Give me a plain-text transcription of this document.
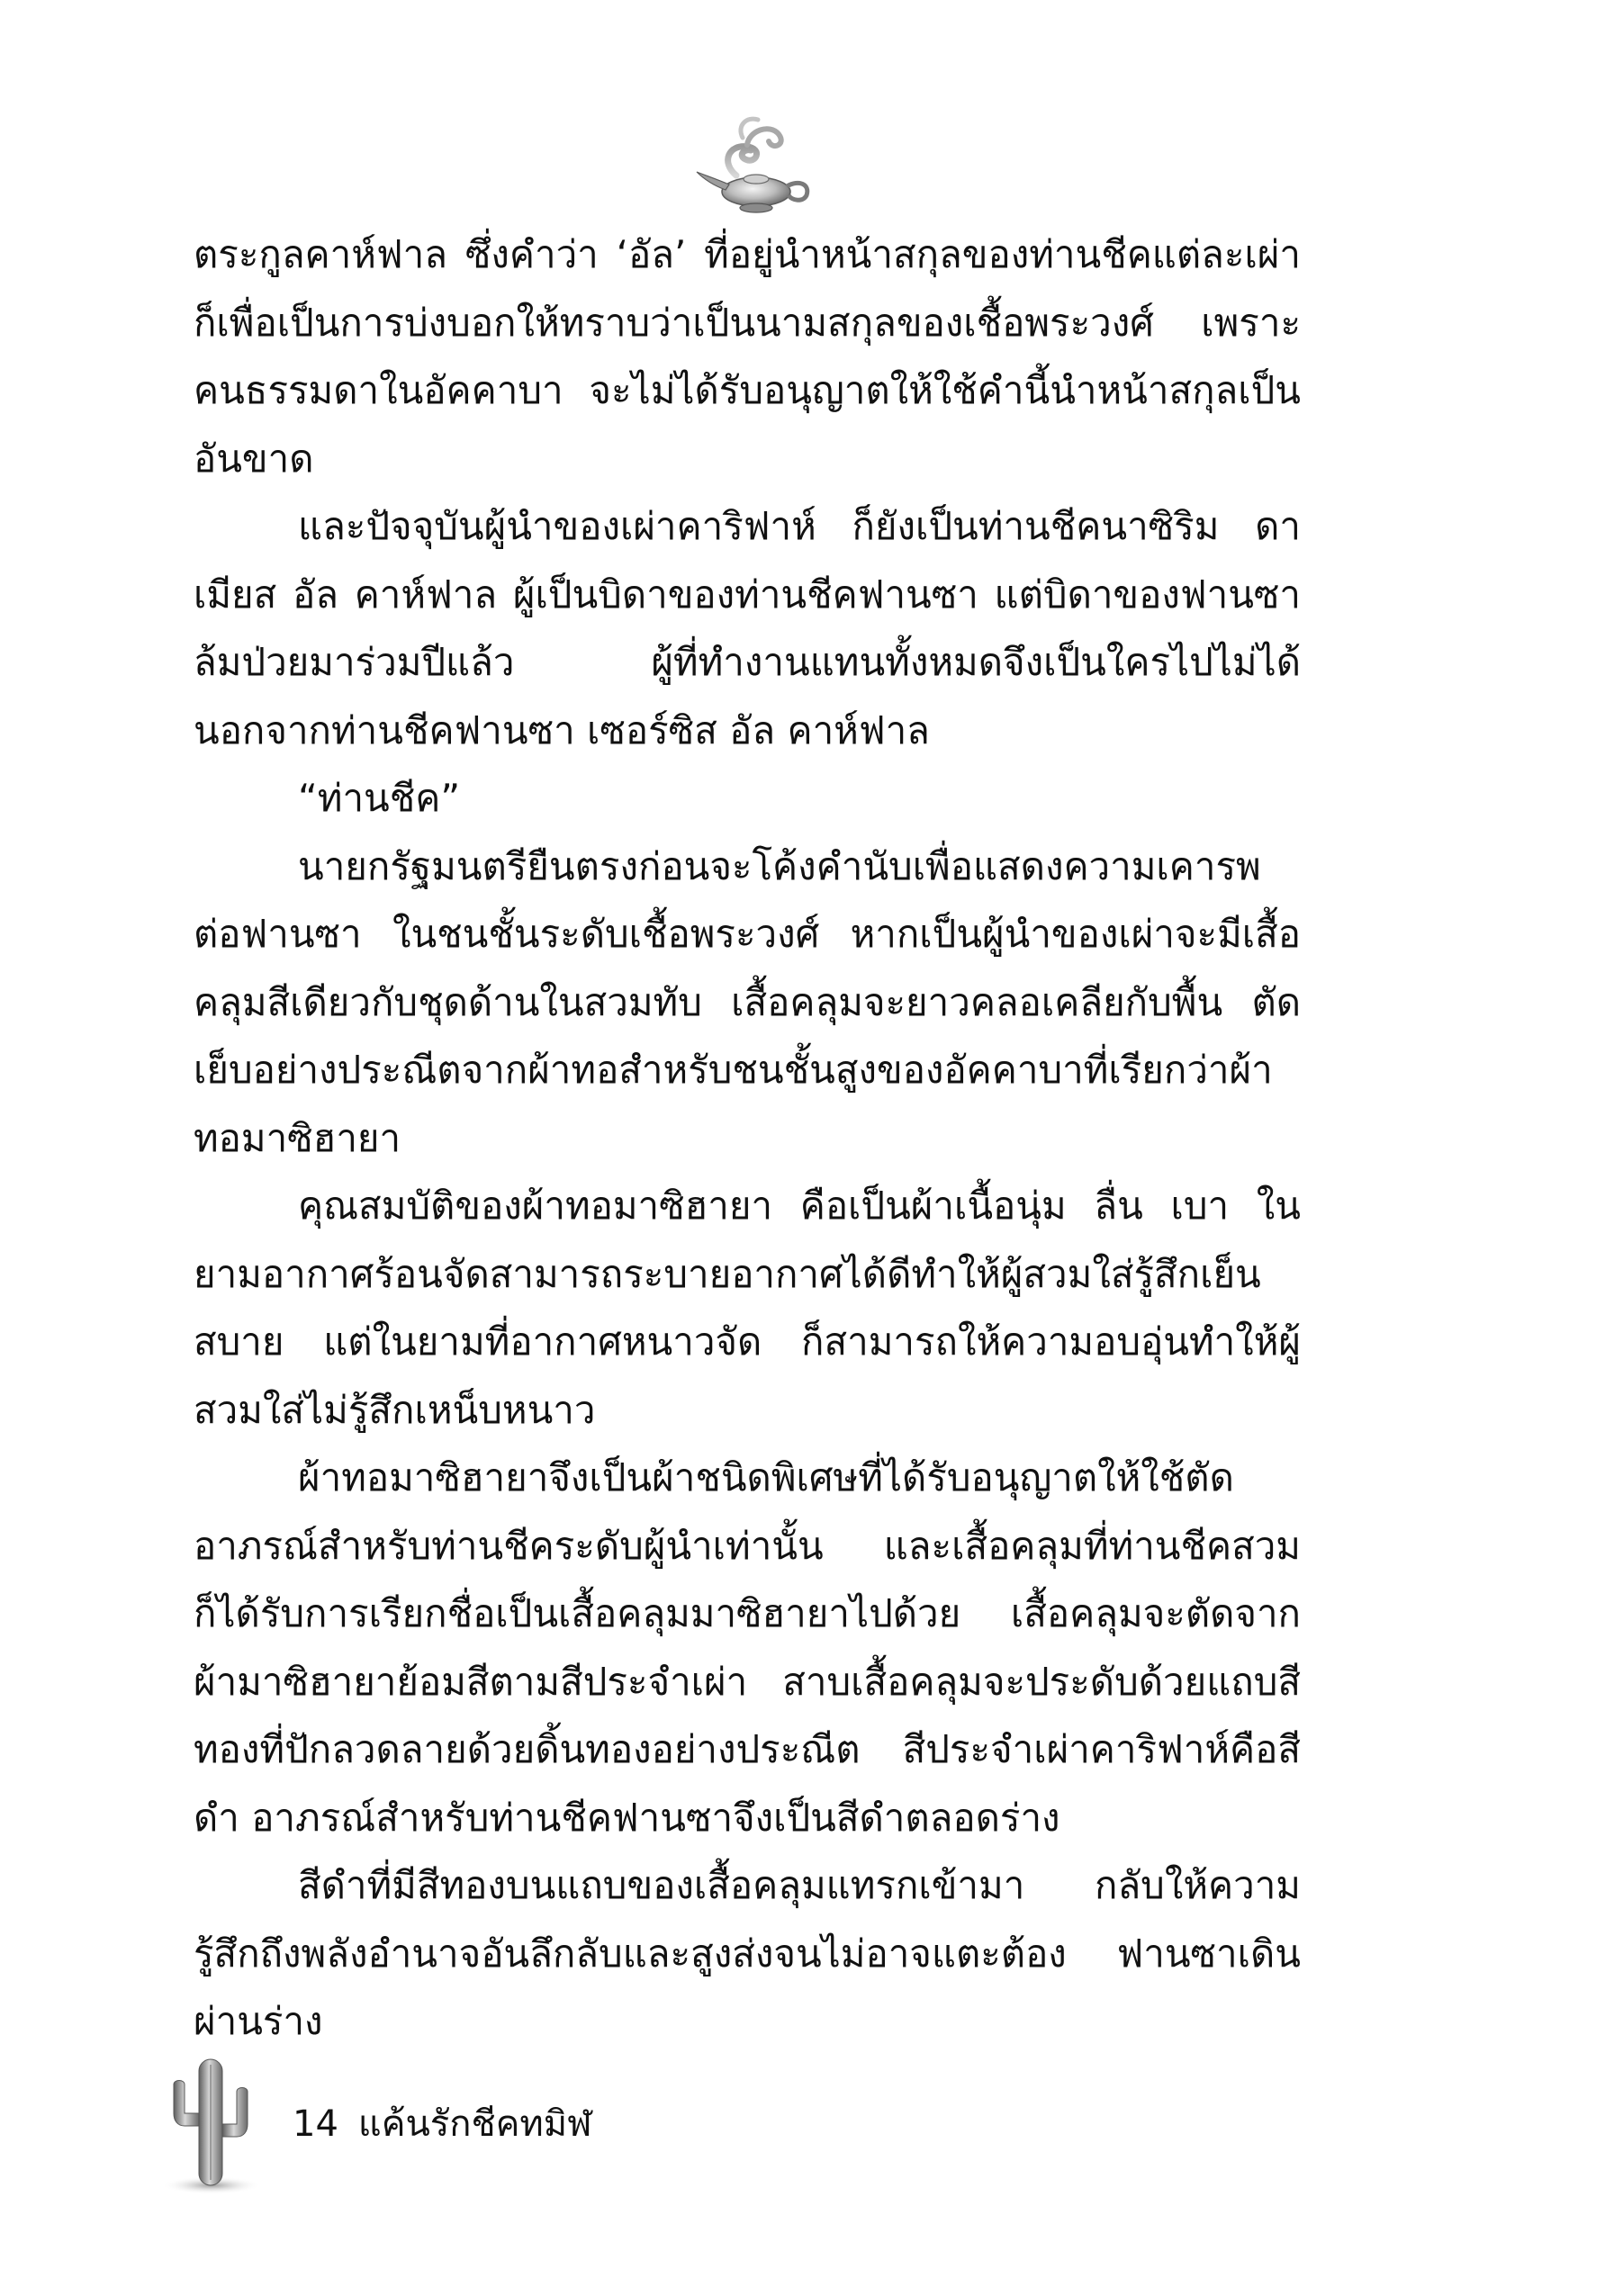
ตระกูลคาห์ฟาล ซึ่งคำว่า ‘อัล’ ที่อยู่นำหน้าสกุลของท่านชีคแต่ละเผ่าก็เพื่อเป็นการบ่งบอกให้ทราบว่าเป็นนามสกุลของเชื้อพระวงศ์ เพราะคนธรรมดาในอัคคาบา จะไม่ได้รับอนุญาตให้ใช้คำนี้นำหน้าสกุลเป็นอันขาด

และปัจจุบันผู้นำของเผ่าคาริฟาห์ ก็ยังเป็นท่านชีคนาซิริม ดาเมียส อัล คาห์ฟาล ผู้เป็นบิดาของท่านชีคฟานซา แต่บิดาของฟานซาล้มป่วยมาร่วมปีแล้ว ผู้ที่ทำงานแทนทั้งหมดจึงเป็นใครไปไม่ได้ นอกจากท่านชีคฟานซา เซอร์ซิส อัล คาห์ฟาล

“ท่านชีค”

นายกรัฐมนตรียืนตรงก่อนจะโค้งคำนับเพื่อแสดงความเคารพต่อฟานซา ในชนชั้นระดับเชื้อพระวงศ์ หากเป็นผู้นำของเผ่าจะมีเสื้อคลุมสีเดียวกับชุดด้านในสวมทับ เสื้อคลุมจะยาวคลอเคลียกับพื้น ตัดเย็บอย่างประณีตจากผ้าทอสำหรับชนชั้นสูงของอัคคาบาที่เรียกว่าผ้าทอมาซิฮายา

คุณสมบัติของผ้าทอมาซิฮายา คือเป็นผ้าเนื้อนุ่ม ลื่น เบา ในยามอากาศร้อนจัดสามารถระบายอากาศได้ดีทำให้ผู้สวมใส่รู้สึกเย็นสบาย แต่ในยามที่อากาศหนาวจัด ก็สามารถให้ความอบอุ่นทำให้ผู้สวมใส่ไม่รู้สึกเหน็บหนาว

ผ้าทอมาซิฮายาจึงเป็นผ้าชนิดพิเศษที่ได้รับอนุญาตให้ใช้ตัดอาภรณ์สำหรับท่านชีคระดับผู้นำเท่านั้น และเสื้อคลุมที่ท่านชีคสวมก็ได้รับการเรียกชื่อเป็นเสื้อคลุมมาซิฮายาไปด้วย เสื้อคลุมจะตัดจากผ้ามาซิฮายาย้อมสีตามสีประจำเผ่า สาบเสื้อคลุมจะประดับด้วยแถบสีทองที่ปักลวดลายด้วยดิ้นทองอย่างประณีต สีประจำเผ่าคาริฟาห์คือสีดำ อาภรณ์สำหรับท่านชีคฟานซาจึงเป็นสีดำตลอดร่าง

สีดำที่มีสีทองบนแถบของเสื้อคลุมแทรกเข้ามา กลับให้ความรู้สึกถึงพลังอำนาจอันลึกลับและสูงส่งจนไม่อาจแตะต้อง ฟานซาเดินผ่านร่าง

14 แค้นรักชีคทมิฬ
